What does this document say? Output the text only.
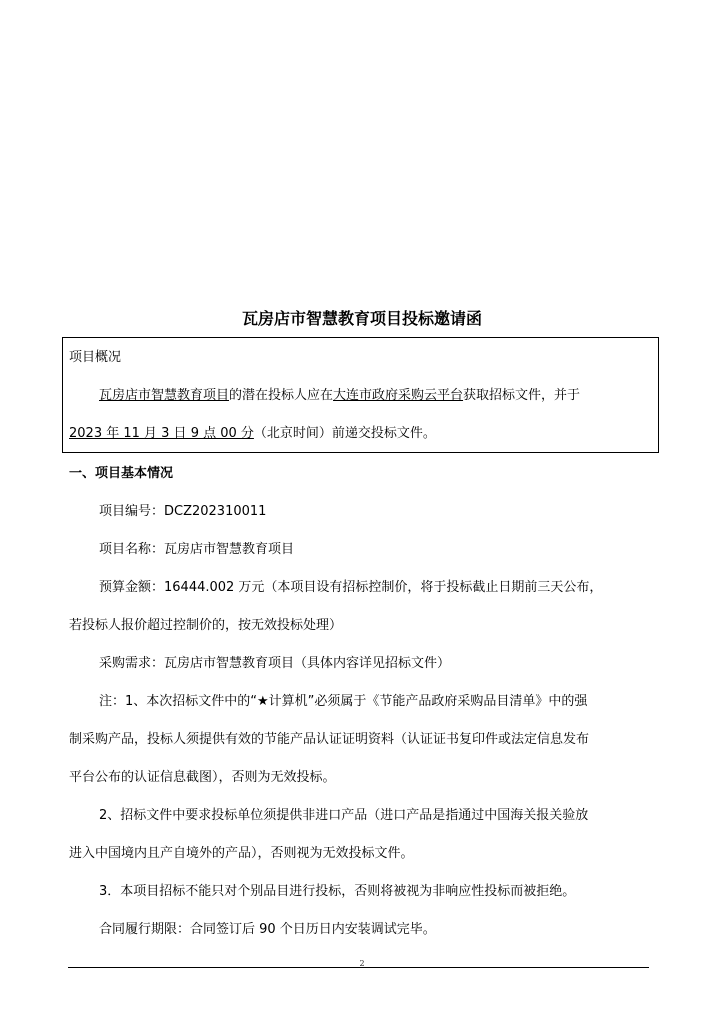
瓦房店市智慧教育项目投标邀请函
项目概况
瓦房店市智慧教育项目的潜在投标人应在大连市政府采购云平台获取招标文件，并于
2023 年 11 月 3 日 9 点 00 分（北京时间）前递交投标文件。
一、项目基本情况
项目编号：DCZ202310011
项目名称：瓦房店市智慧教育项目
预算金额：16444.002 万元（本项目设有招标控制价，将于投标截止日期前三天公布，
若投标人报价超过控制价的，按无效投标处理）
采购需求：瓦房店市智慧教育项目（具体内容详见招标文件）
注：1、本次招标文件中的“★计算机”必须属于《节能产品政府采购品目清单》中的强
制采购产品，投标人须提供有效的节能产品认证证明资料（认证证书复印件或法定信息发布
平台公布的认证信息截图），否则为无效投标。
2、招标文件中要求投标单位须提供非进口产品（进口产品是指通过中国海关报关验放
进入中国境内且产自境外的产品），否则视为无效投标文件。
3．本项目招标不能只对个别品目进行投标，否则将被视为非响应性投标而被拒绝。
合同履行期限：合同签订后 90 个日历日内安装调试完毕。
2
